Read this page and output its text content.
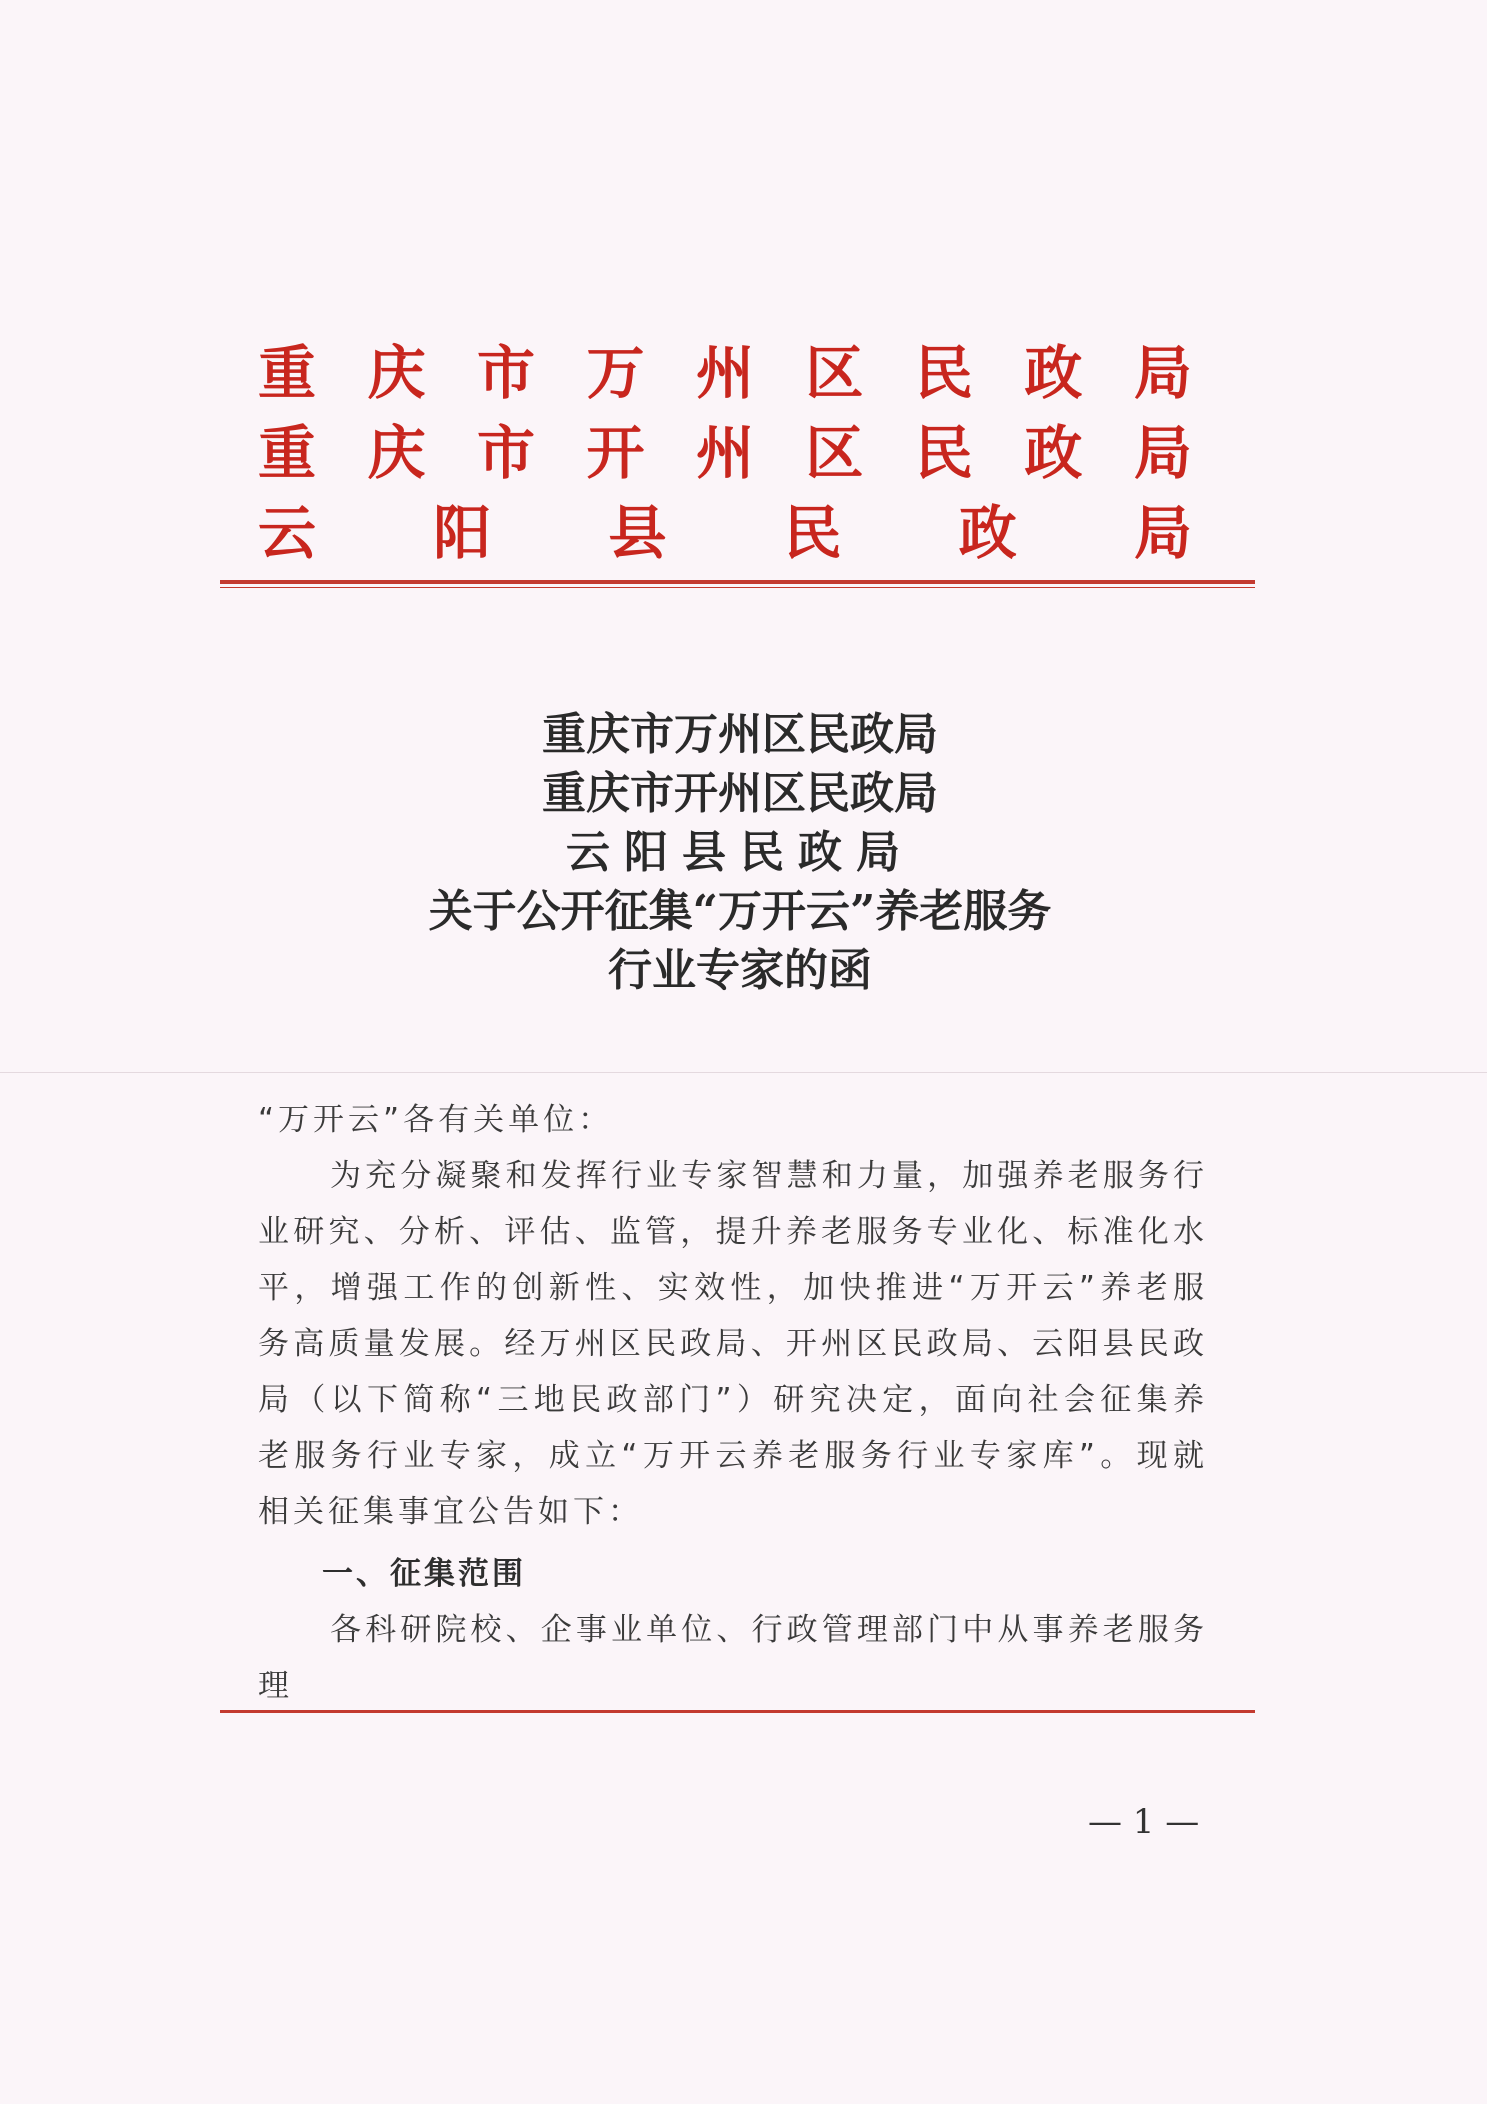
重 庆 市 万 州 区 民 政 局
重 庆 市 开 州 区 民 政 局
云 阳 县 民 政 局
重庆市万州区民政局
重庆市开州区民政局
云阳县民政局
关于公开征集“万开云”养老服务
行业专家的函

“万开云”各有关单位：

为充分凝聚和发挥行业专家智慧和力量，加强养老服务行业研究、分析、评估、监管，提升养老服务专业化、标准化水平，增强工作的创新性、实效性，加快推进“万开云”养老服务高质量发展。经万州区民政局、开州区民政局、云阳县民政局（以下简称“三地民政部门”）研究决定，面向社会征集养老服务行业专家，成立“万开云养老服务行业专家库”。现就相关征集事宜公告如下：

一、征集范围

各科研院校、企事业单位、行政管理部门中从事养老服务理

— 1 —
